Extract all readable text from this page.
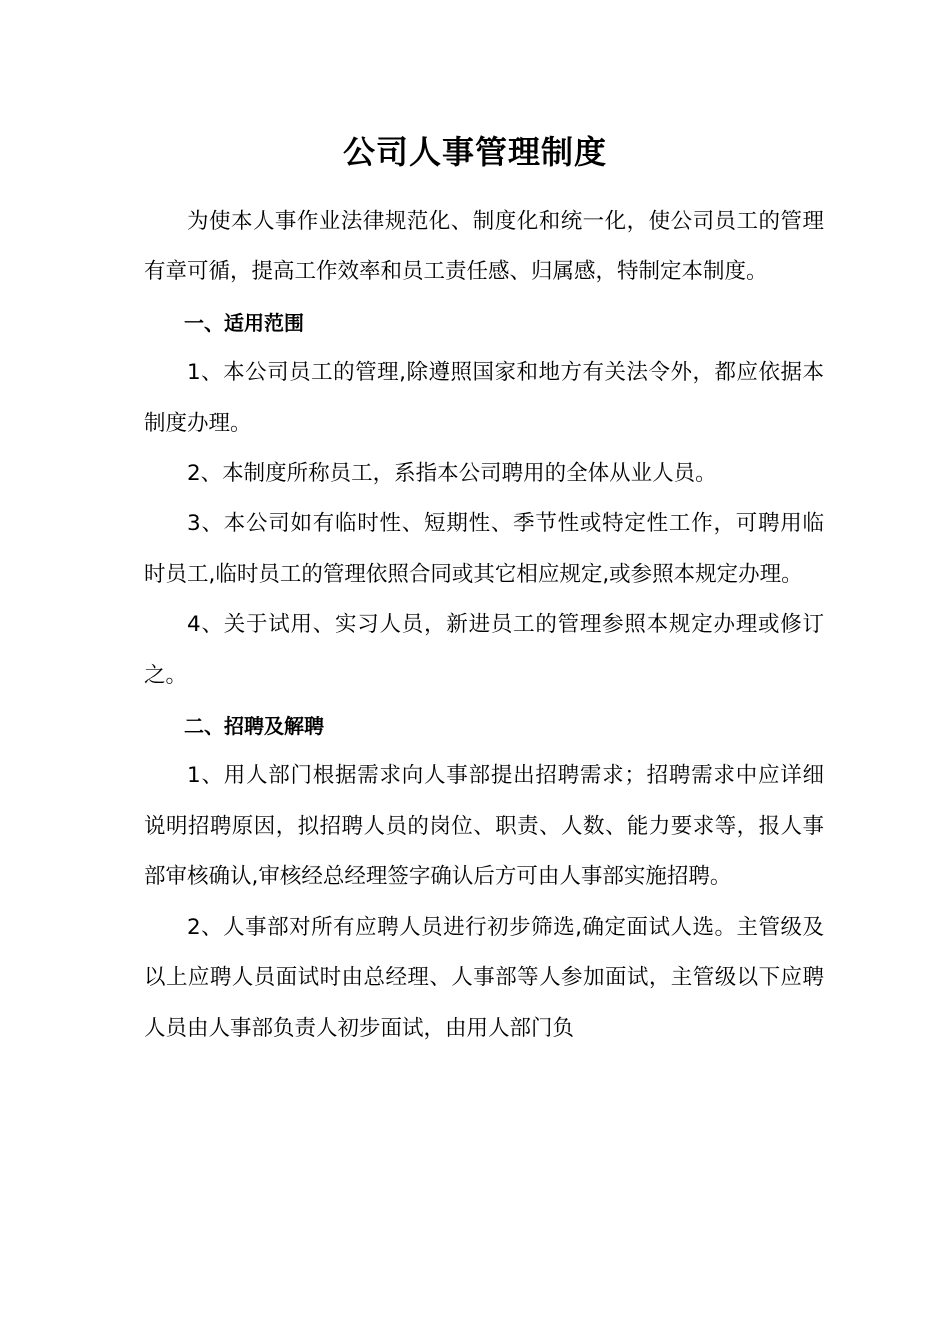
公司人事管理制度

为使本人事作业法律规范化、制度化和统一化，使公司员工的管理有章可循，提高工作效率和员工责任感、归属感，特制定本制度。

一、适用范围

1、本公司员工的管理,除遵照国家和地方有关法令外，都应依据本制度办理。

2、本制度所称员工，系指本公司聘用的全体从业人员。

3、本公司如有临时性、短期性、季节性或特定性工作，可聘用临时员工,临时员工的管理依照合同或其它相应规定,或参照本规定办理。

4、关于试用、实习人员，新进员工的管理参照本规定办理或修订之。

二、招聘及解聘

1、用人部门根据需求向人事部提出招聘需求；招聘需求中应详细说明招聘原因，拟招聘人员的岗位、职责、人数、能力要求等，报人事部审核确认,审核经总经理签字确认后方可由人事部实施招聘。

2、人事部对所有应聘人员进行初步筛选,确定面试人选。主管级及以上应聘人员面试时由总经理、人事部等人参加面试，主管级以下应聘人员由人事部负责人初步面试，由用人部门负
